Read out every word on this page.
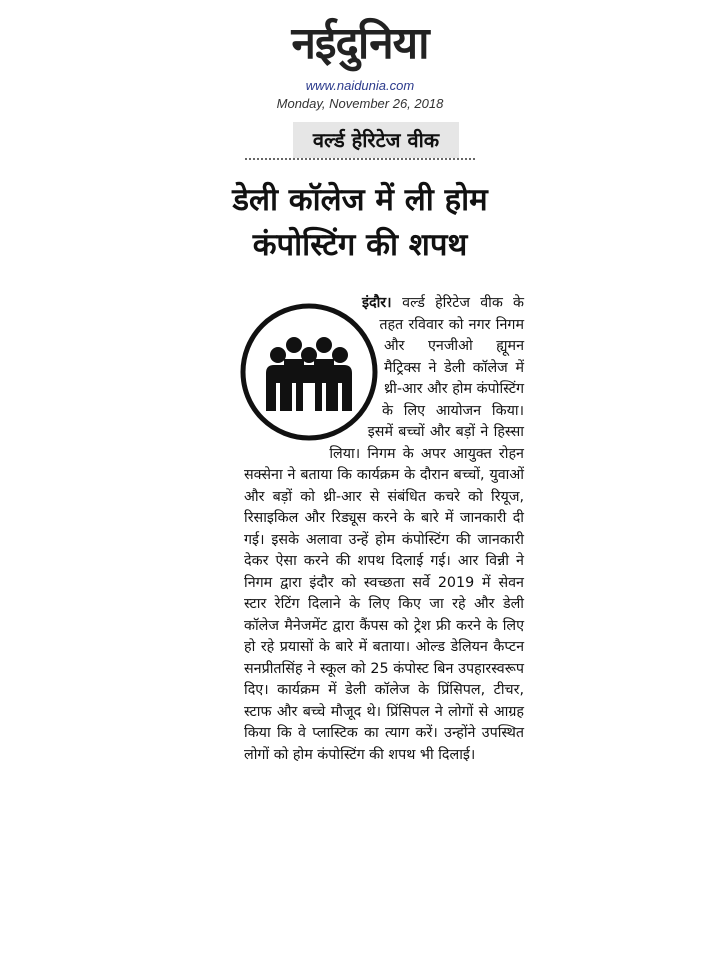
नईदुनिया
www.naidunia.com
Monday, November 26, 2018
वर्ल्ड हेरिटेज वीक
डेली कॉलेज में ली होम कंपोस्टिंग की शपथ
इंदौर। वर्ल्ड हेरिटेज वीक के तहत रविवार को नगर निगम और एनजीओ ह्यूमन मैट्रिक्स ने डेली कॉलेज में थ्री-आर और होम कंपोस्टिंग के लिए आयोजन किया। इसमें बच्चों और बड़ों ने हिस्सा लिया। निगम के अपर आयुक्त रोहन सक्सेना ने बताया कि कार्यक्रम के दौरान बच्चों, युवाओं और बड़ों को थ्री-आर से संबंधित कचरे को रियूज, रिसाइकिल और रिड्यूस करने के बारे में जानकारी दी गई। इसके अलावा उन्हें होम कंपोस्टिंग की जानकारी देकर ऐसा करने की शपथ दिलाई गई। आर विन्नी ने निगम द्वारा इंदौर को स्वच्छता सर्वे 2019 में सेवन स्टार रेटिंग दिलाने के लिए किए जा रहे और डेली कॉलेज मैनेजमेंट द्वारा कैंपस को ट्रेश फ्री करने के लिए हो रहे प्रयासों के बारे में बताया। ओल्ड डेलियन कैप्टन सनप्रीतसिंह ने स्कूल को 25 कंपोस्ट बिन उपहारस्वरूप दिए। कार्यक्रम में डेली कॉलेज के प्रिंसिपल, टीचर, स्टाफ और बच्चे मौजूद थे। प्रिंसिपल ने लोगों से आग्रह किया कि वे प्लास्टिक का त्याग करें। उन्होंने उपस्थित लोगों को होम कंपोस्टिंग की शपथ भी दिलाई।
